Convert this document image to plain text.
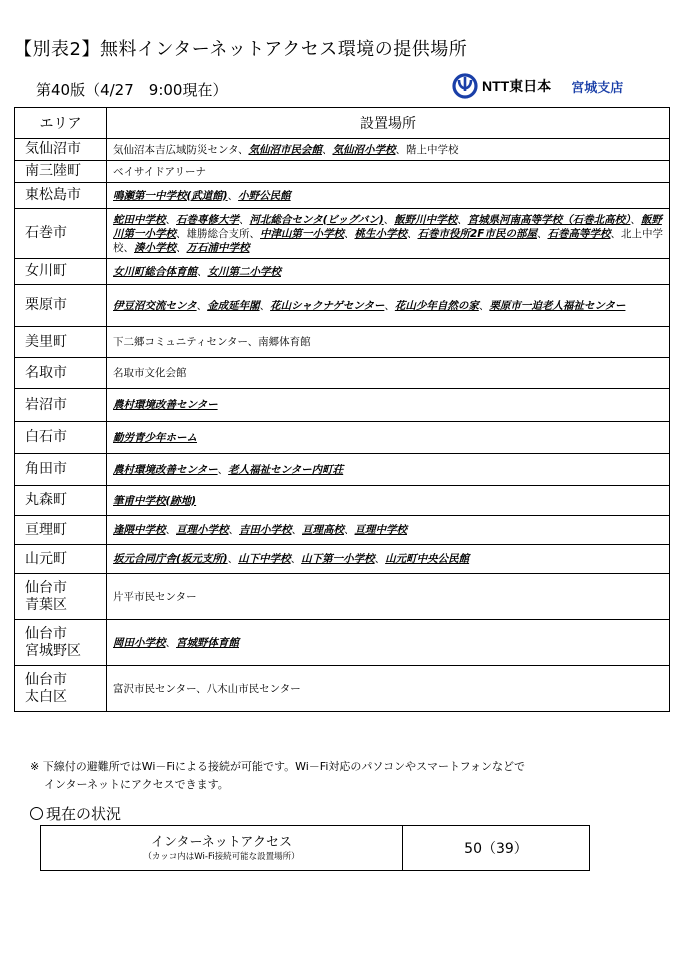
【別表2】無料インターネットアクセス環境の提供場所
第40版（4/27　9:00現在）	NTT東日本 宮城支店
エリア	設置場所
気仙沼市	気仙沼本吉広域防災センタ、気仙沼市民会館、気仙沼小学校、階上中学校
南三陸町	ベイサイドアリーナ
東松島市	鳴瀬第一中学校(武道館)、小野公民館
石巻市	蛇田中学校、石巻専修大学、河北総合センタ(ビッグバン)、飯野川中学校、宮城県河南高等学校（石巻北高校）、飯野川第一小学校、雄勝総合支所、中津山第一小学校、桃生小学校、石巻市役所2F市民の部屋、石巻高等学校、北上中学校、湊小学校、万石浦中学校
女川町	女川町総合体育館、女川第二小学校
栗原市	伊豆沼交流センタ、金成延年閣、花山シャクナゲセンター、花山少年自然の家、栗原市一迫老人福祉センター
美里町	下二郷コミュニティセンター、南郷体育館
名取市	名取市文化会館
岩沼市	農村環境改善センター
白石市	勤労青少年ホーム
角田市	農村環境改善センター、老人福祉センター内町荘
丸森町	筆甫中学校(跡地)
亘理町	逢隈中学校、亘理小学校、吉田小学校、亘理高校、亘理中学校
山元町	坂元合同庁舎(坂元支所)、山下中学校、山下第一小学校、山元町中央公民館
仙台市
青葉区	片平市民センター
仙台市
宮城野区	岡田小学校、宮城野体育館
仙台市
太白区	富沢市民センター、八木山市民センター
※ 下線付の避難所ではWi－Fiによる接続が可能です。Wi－Fi対応のパソコンやスマートフォンなどで
インターネットにアクセスできます。
現在の状況
インターネットアクセス
（カッコ内はWi-Fi接続可能な設置場所）	50（39）
